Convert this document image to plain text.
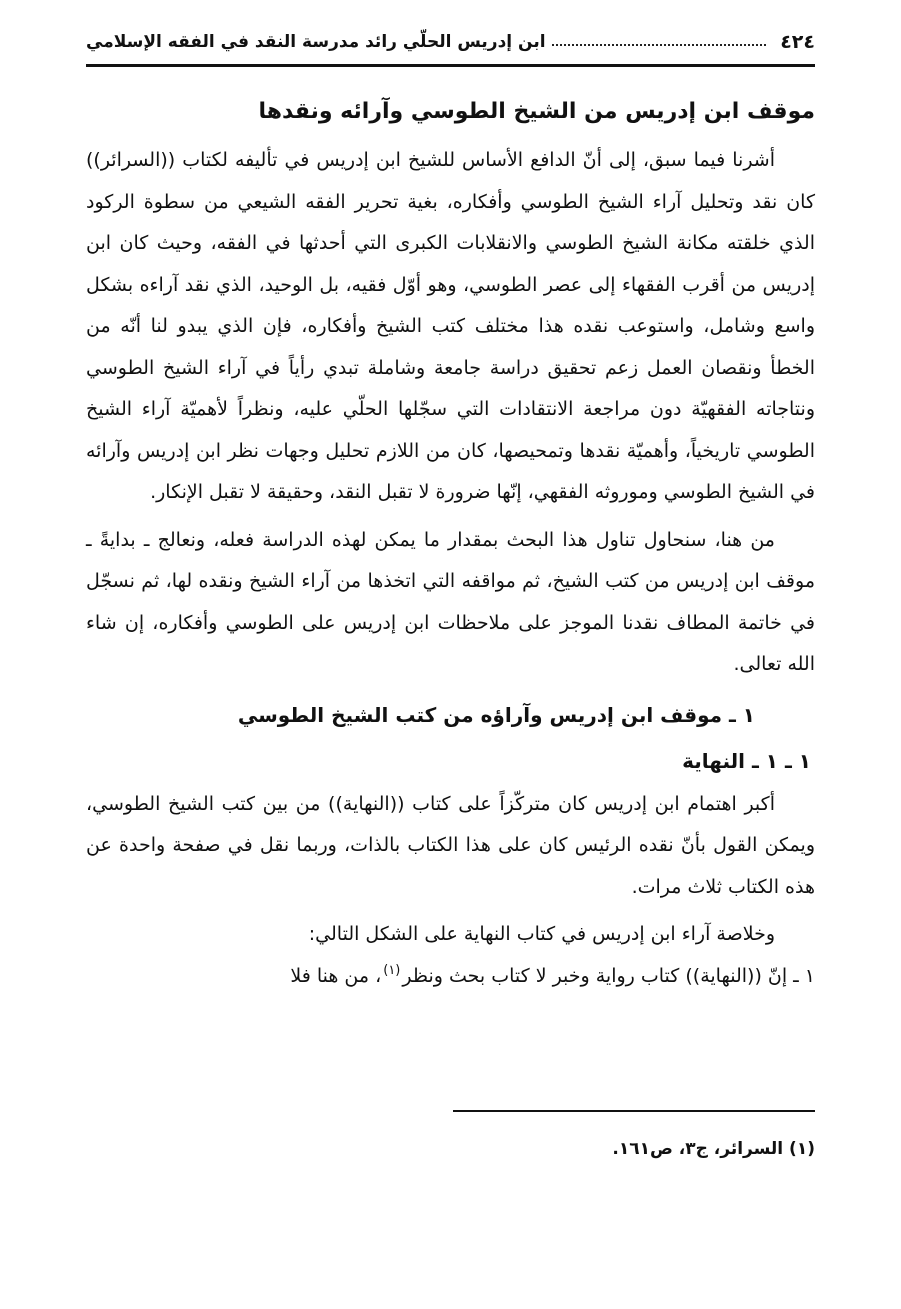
٤٢٤
ابن إدريس الحلّي رائد مدرسة النقد في الفقه الإسلامي
موقف ابن إدريس من الشيخ الطوسي وآرائه ونقدها

أشرنا فيما سبق، إلى أنّ الدافع الأساس للشيخ ابن إدريس في تأليفه لكتاب ((السرائر)) كان نقد وتحليل آراء الشيخ الطوسي وأفكاره، بغية تحرير الفقه الشيعي من سطوة الركود الذي خلقته مكانة الشيخ الطوسي والانقلابات الكبرى التي أحدثها في الفقه، وحيث كان ابن إدريس من أقرب الفقهاء إلى عصر الطوسي، وهو أوّل فقيه، بل الوحيد، الذي نقد آراءه بشكل واسع وشامل، واستوعب نقده هذا مختلف كتب الشيخ وأفكاره، فإن الذي يبدو لنا أنّه من الخطأ ونقصان العمل زعم تحقيق دراسة جامعة وشاملة تبدي رأياً في آراء الشيخ الطوسي ونتاجاته الفقهيّة دون مراجعة الانتقادات التي سجّلها الحلّي عليه، ونظراً لأهميّة آراء الشيخ الطوسي تاريخياً، وأهميّة نقدها وتمحيصها، كان من اللازم تحليل وجهات نظر ابن إدريس وآرائه في الشيخ الطوسي وموروثه الفقهي، إنّها ضرورة لا تقبل النقد، وحقيقة لا تقبل الإنكار.

من هنا، سنحاول تناول هذا البحث بمقدار ما يمكن لهذه الدراسة فعله، ونعالج ـ بدايةً ـ موقف ابن إدريس من كتب الشيخ، ثم مواقفه التي اتخذها من آراء الشيخ ونقده لها، ثم نسجّل في خاتمة المطاف نقدنا الموجز على ملاحظات ابن إدريس على الطوسي وأفكاره، إن شاء الله تعالى.

١ ـ موقف ابن إدريس وآراؤه من كتب الشيخ الطوسي
١ ـ ١ ـ النهاية

أكبر اهتمام ابن إدريس كان متركّزاً على كتاب ((النهاية)) من بين كتب الشيخ الطوسي، ويمكن القول بأنّ نقده الرئيس كان على هذا الكتاب بالذات، وربما نقل في صفحة واحدة عن هذه الكتاب ثلاث مرات.

وخلاصة آراء ابن إدريس في كتاب النهاية على الشكل التالي:

١ ـ إنّ ((النهاية)) كتاب رواية وخبر لا كتاب بحث ونظر$^{(١)}$، من هنا فلا

(١) السرائر، ج٣، ص١٦١.
